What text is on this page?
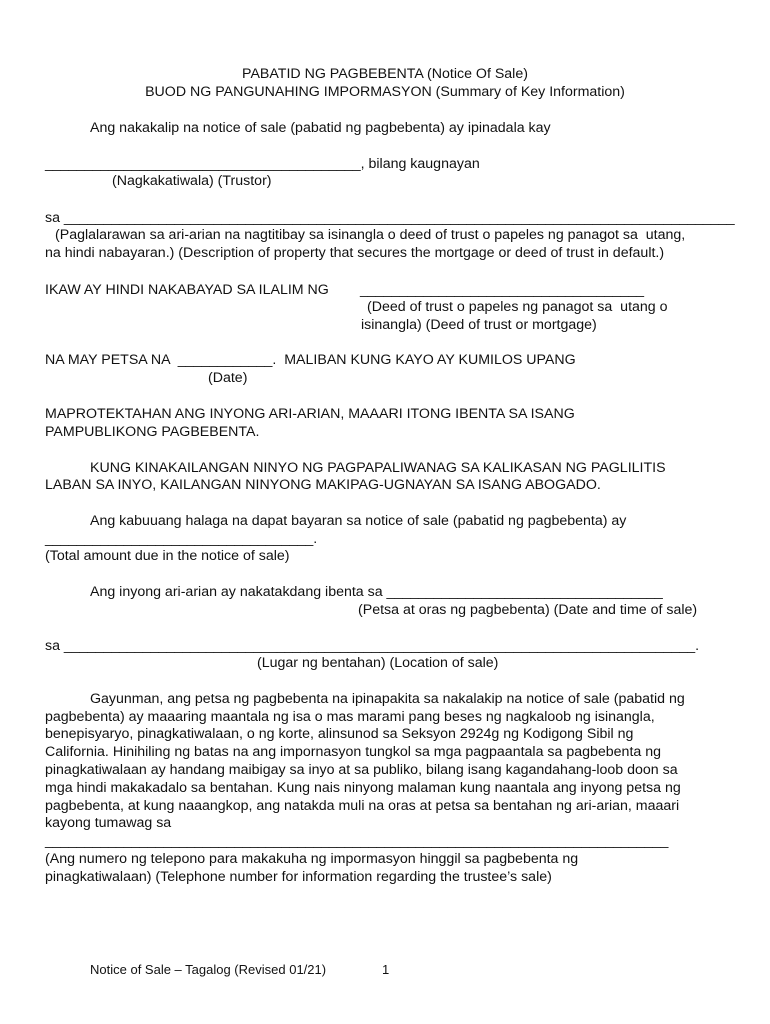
PABATID NG PAGBEBENTA (Notice Of Sale)
BUOD NG PANGUNAHING IMPORMASYON (Summary of Key Information)
Ang nakakalip na notice of sale (pabatid ng pagbebenta) ay ipinadala kay
________________________________________, bilang kaugnayan
(Nagkakatiwala) (Trustor)
sa _____________________________________________________________________________________
(Paglalarawan sa ari-arian na nagtitibay sa isinangla o deed of trust o papeles ng panagot sa  utang,
na hindi nabayaran.) (Description of property that secures the mortgage or deed of trust in default.)
IKAW AY HINDI NAKABAYAD SA ILALIM NG ____________________________________
(Deed of trust o papeles ng panagot sa  utang o
isinangla) (Deed of trust or mortgage)
NA MAY PETSA NA  ____________.  MALIBAN KUNG KAYO AY KUMILOS UPANG
(Date)
MAPROTEKTAHAN ANG INYONG ARI-ARIAN, MAAARI ITONG IBENTA SA ISANG
PAMPUBLIKONG PAGBEBENTA.
KUNG KINAKAILANGAN NINYO NG PAGPAPALIWANAG SA KALIKASAN NG PAGLILITIS
LABAN SA INYO, KAILANGAN NINYONG MAKIPAG-UGNAYAN SA ISANG ABOGADO.
Ang kabuuang halaga na dapat bayaran sa notice of sale (pabatid ng pagbebenta) ay
__________________________________.
(Total amount due in the notice of sale)
Ang inyong ari-arian ay nakatakdang ibenta sa ___________________________________
(Petsa at oras ng pagbebenta) (Date and time of sale)
sa ________________________________________________________________________________.
(Lugar ng bentahan) (Location of sale)
Gayunman, ang petsa ng pagbebenta na ipinapakita sa nakalakip na notice of sale (pabatid ng
pagbebenta) ay maaaring maantala ng isa o mas marami pang beses ng nagkaloob ng isinangla,
benepisyaryo, pinagkatiwalaan, o ng korte, alinsunod sa Seksyon 2924g ng Kodigong Sibil ng
California. Hinihiling ng batas na ang impornasyon tungkol sa mga pagpaantala sa pagbebenta ng
pinagkatiwalaan ay handang maibigay sa inyo at sa publiko, bilang isang kagandahang-loob doon sa
mga hindi makakadalo sa bentahan. Kung nais ninyong malaman kung naantala ang inyong petsa ng
pagbebenta, at kung naaangkop, ang natakda muli na oras at petsa sa bentahan ng ari-arian, maaari
kayong tumawag sa
_______________________________________________________________________________
(Ang numero ng telepono para makakuha ng impormasyon hinggil sa pagbebenta ng
pinagkatiwalaan) (Telephone number for information regarding the trustee’s sale)
Notice of Sale – Tagalog (Revised 01/21)	1
